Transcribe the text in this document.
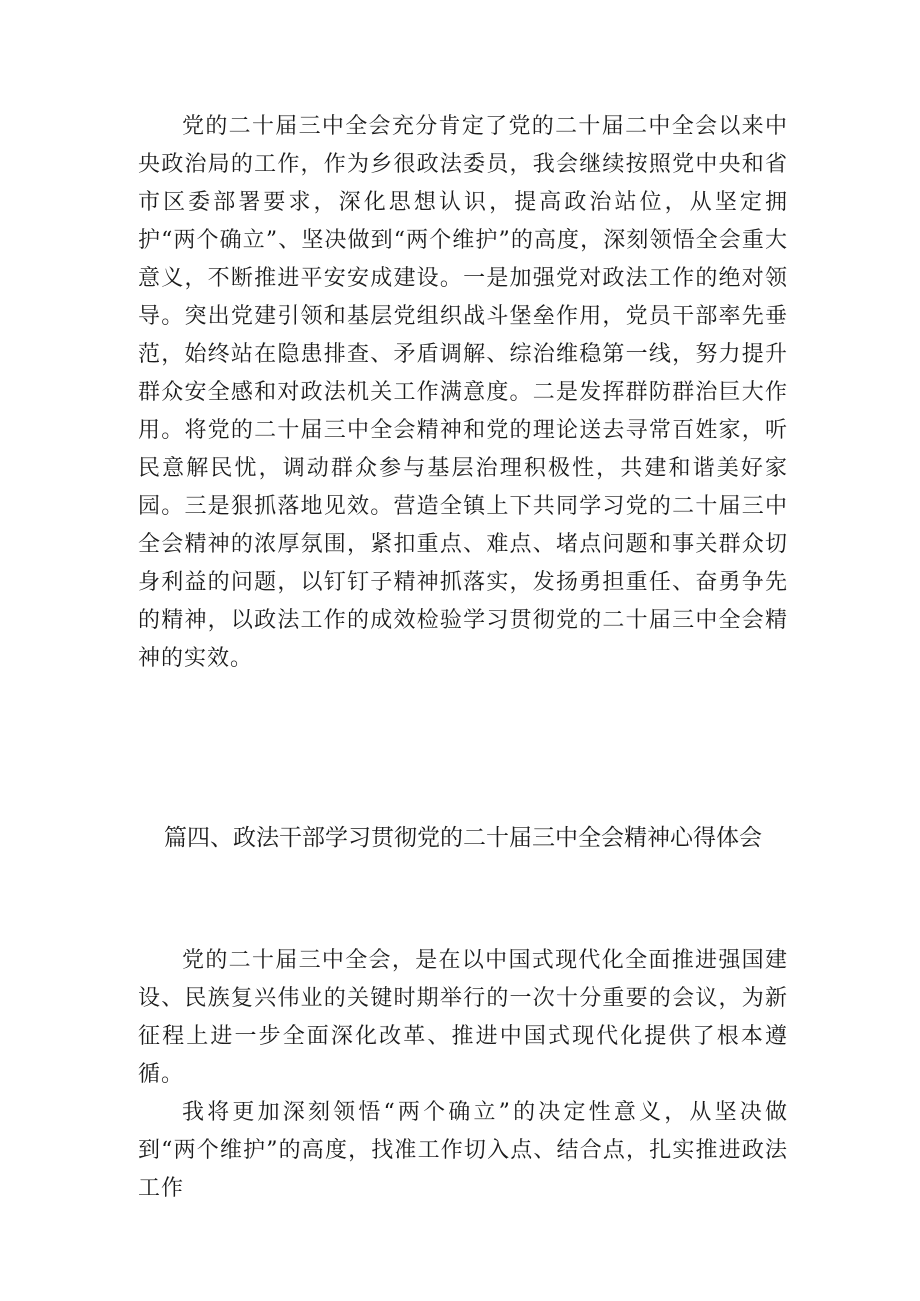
党的二十届三中全会充分肯定了党的二十届二中全会以来中央政治局的工作，作为乡很政法委员，我会继续按照党中央和省市区委部署要求，深化思想认识，提高政治站位，从坚定拥护“两个确立”、坚决做到“两个维护”的高度，深刻领悟全会重大意义，不断推进平安安成建设。一是加强党对政法工作的绝对领导。突出党建引领和基层党组织战斗堡垒作用，党员干部率先垂范，始终站在隐患排查、矛盾调解、综治维稳第一线，努力提升群众安全感和对政法机关工作满意度。二是发挥群防群治巨大作用。将党的二十届三中全会精神和党的理论送去寻常百姓家，听民意解民忧，调动群众参与基层治理积极性，共建和谐美好家园。三是狠抓落地见效。营造全镇上下共同学习党的二十届三中全会精神的浓厚氛围，紧扣重点、难点、堵点问题和事关群众切身利益的问题，以钉钉子精神抓落实，发扬勇担重任、奋勇争先的精神，以政法工作的成效检验学习贯彻党的二十届三中全会精神的实效。

篇四、政法干部学习贯彻党的二十届三中全会精神心得体会

党的二十届三中全会，是在以中国式现代化全面推进强国建设、民族复兴伟业的关键时期举行的一次十分重要的会议，为新征程上进一步全面深化改革、推进中国式现代化提供了根本遵循。

我将更加深刻领悟“两个确立”的决定性意义，从坚决做到“两个维护”的高度，找准工作切入点、结合点，扎实推进政法工作
